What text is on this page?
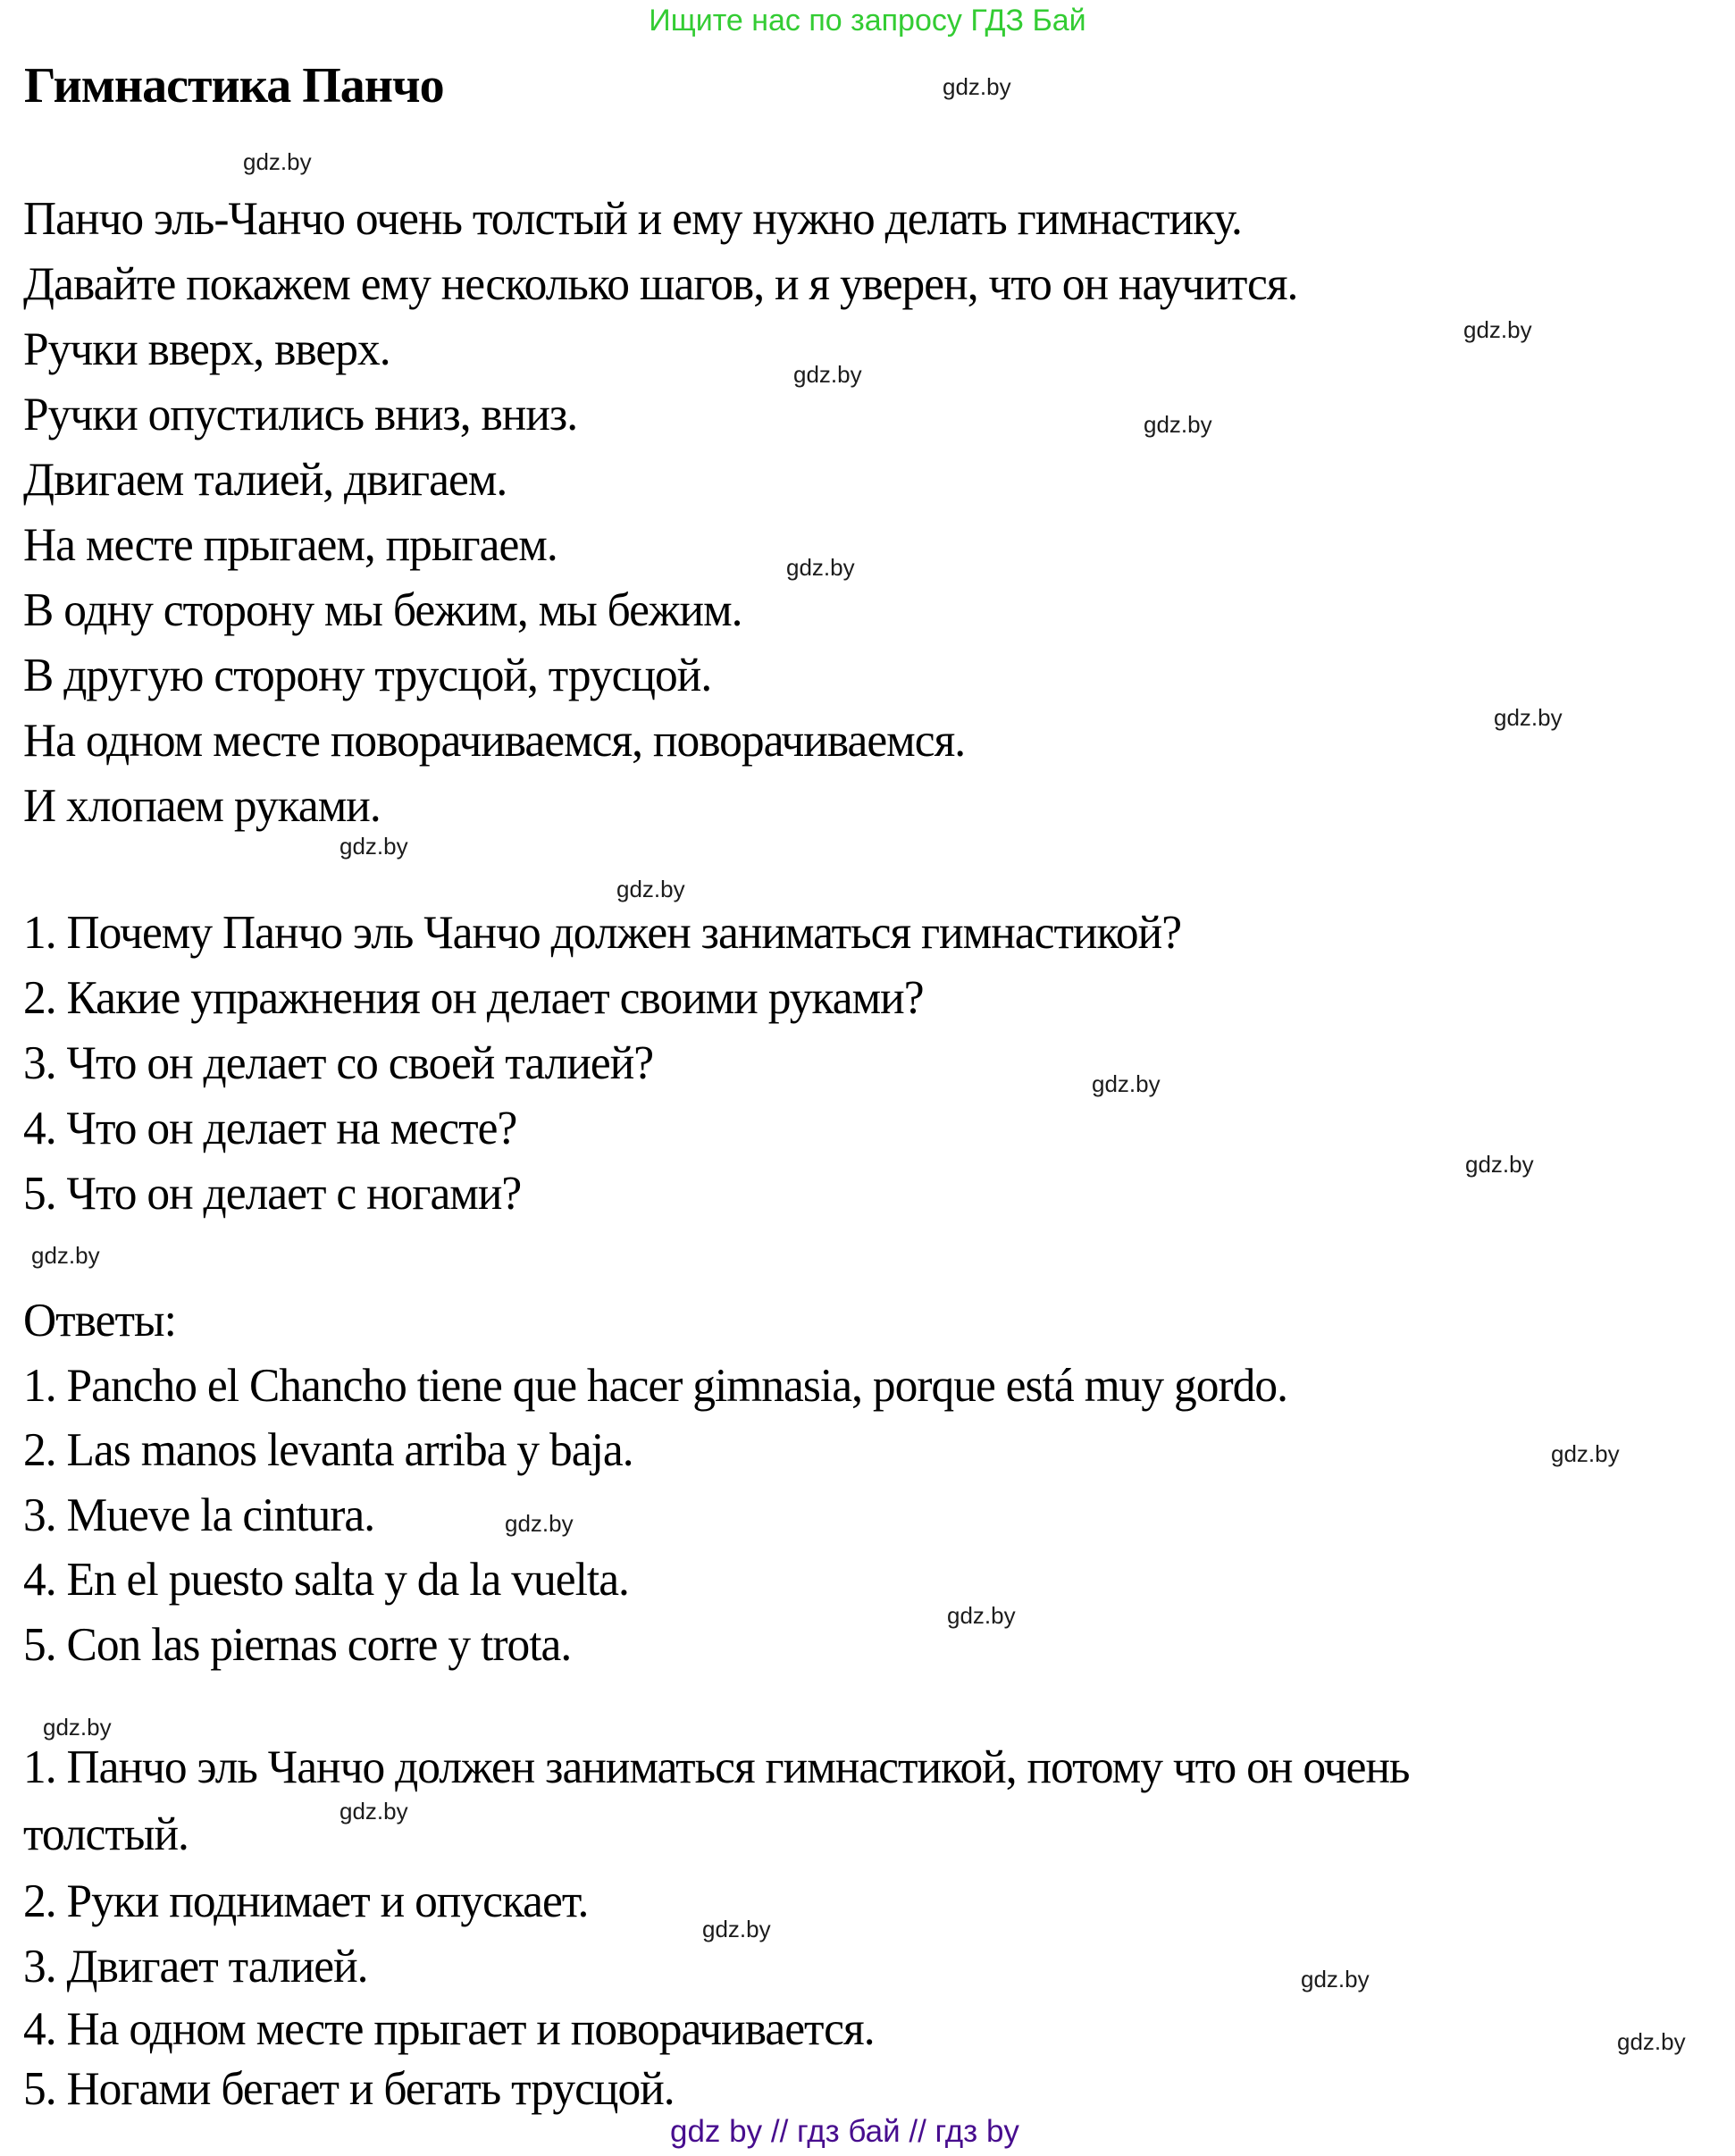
Ищите нас по запросу ГДЗ Бай
Гимнастика Панчо
Панчо эль-Чанчо очень толстый и ему нужно делать гимнастику.
Давайте покажем ему несколько шагов, и я уверен, что он научится.
Ручки вверх, вверх.
Ручки опустились вниз, вниз.
Двигаем талией, двигаем.
На месте прыгаем, прыгаем.
В одну сторону мы бежим, мы бежим.
В другую сторону трусцой, трусцой.
На одном месте поворачиваемся, поворачиваемся.
И хлопаем руками.
1. Почему Панчо эль Чанчо должен заниматься гимнастикой?
2. Какие упражнения он делает своими руками?
3. Что он делает со своей талией?
4. Что он делает на месте?
5. Что он делает с ногами?
Ответы:
1. Pancho el Chancho tiene que hacer gimnasia, porque está muy gordo.
2. Las manos levanta arriba y baja.
3. Mueve la cintura.
4. En el puesto salta y da la vuelta.
5. Con las piernas corre y trota.
1. Панчо эль Чанчо должен заниматься гимнастикой, потому что он очень
толстый.
2. Руки поднимает и опускает.
3. Двигает талией.
4. На одном месте прыгает и поворачивается.
5. Ногами бегает и бегать трусцой.
gdz.by
gdz.by
gdz.by
gdz.by
gdz.by
gdz.by
gdz.by
gdz.by
gdz.by
gdz.by
gdz.by
gdz.by
gdz.by
gdz.by
gdz.by
gdz.by
gdz.by
gdz.by
gdz.by
gdz.by
gdz by // гдз бай // гдз by
